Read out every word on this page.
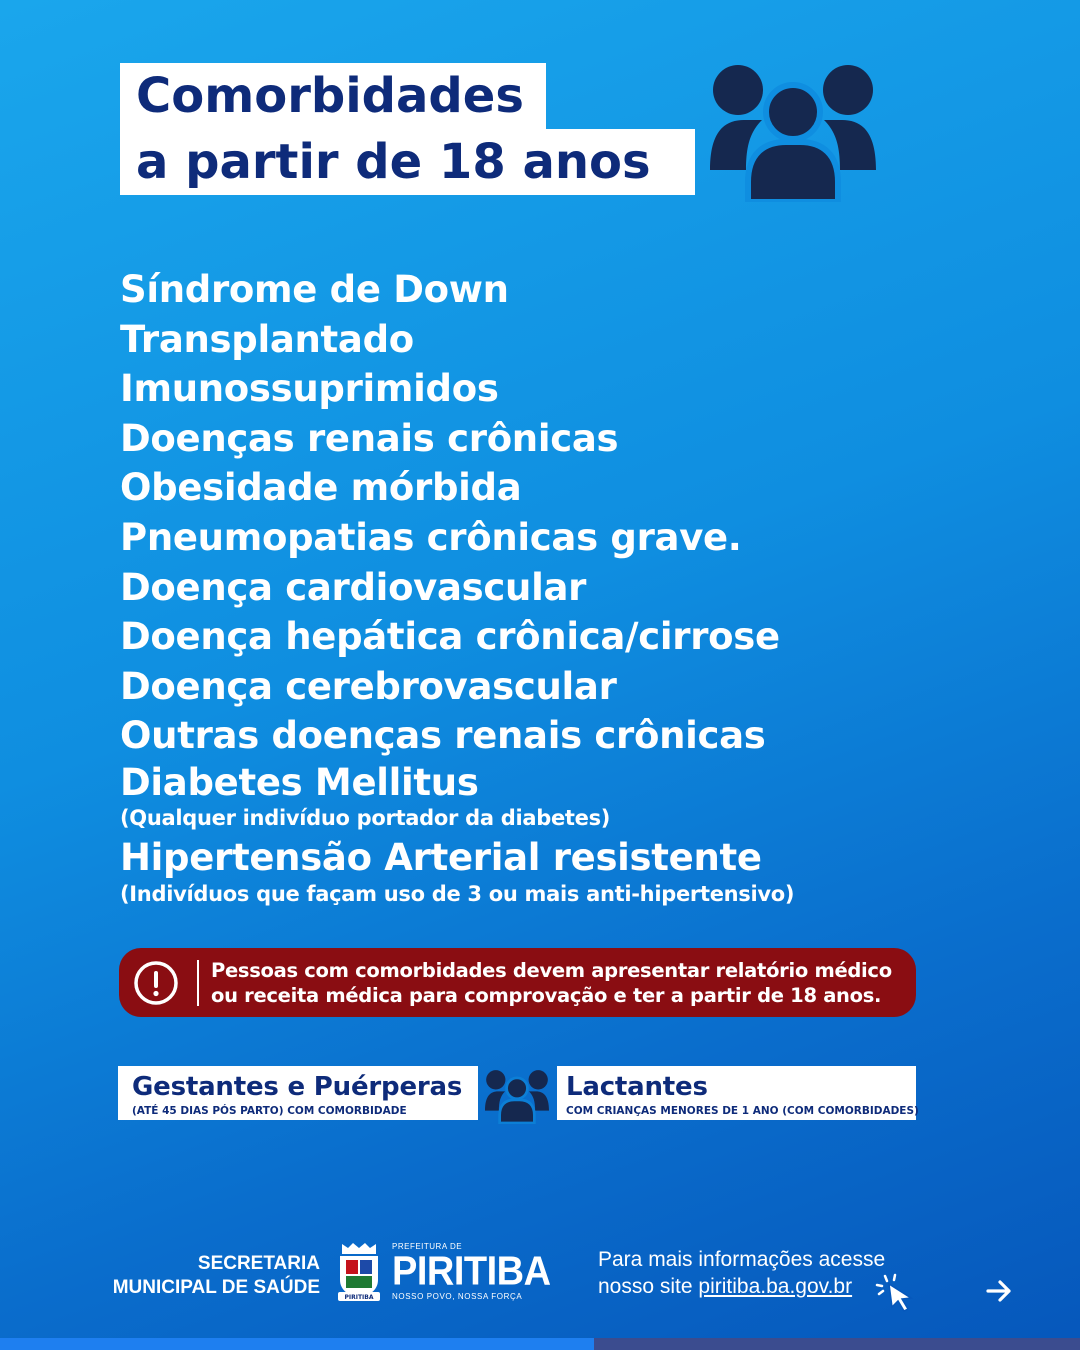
Comorbidades
a partir de 18 anos
Síndrome de Down
Transplantado
Imunossuprimidos
Doenças renais crônicas
Obesidade mórbida
Pneumopatias crônicas grave.
Doença cardiovascular
Doença hepática crônica/cirrose
Doença cerebrovascular
Outras doenças renais crônicas
Diabetes Mellitus
(Qualquer indivíduo portador da diabetes)
Hipertensão Arterial resistente
(Indivíduos que façam uso de 3 ou mais anti-hipertensivo)
Pessoas com comorbidades devem apresentar relatório médico
ou receita médica para comprovação e ter a partir de 18 anos.
Gestantes e Puérperas
(ATÉ 45 DIAS PÓS PARTO) COM COMORBIDADE
Lactantes
COM CRIANÇAS MENORES DE 1 ANO (COM COMORBIDADES)
SECRETARIA
MUNICIPAL DE SAÚDE	PIRITIBA
PREFEITURA DE
PIRITIBA
NOSSO POVO, NOSSA FORÇA
Para mais informações acesse
nosso site piritiba.ba.gov.br
